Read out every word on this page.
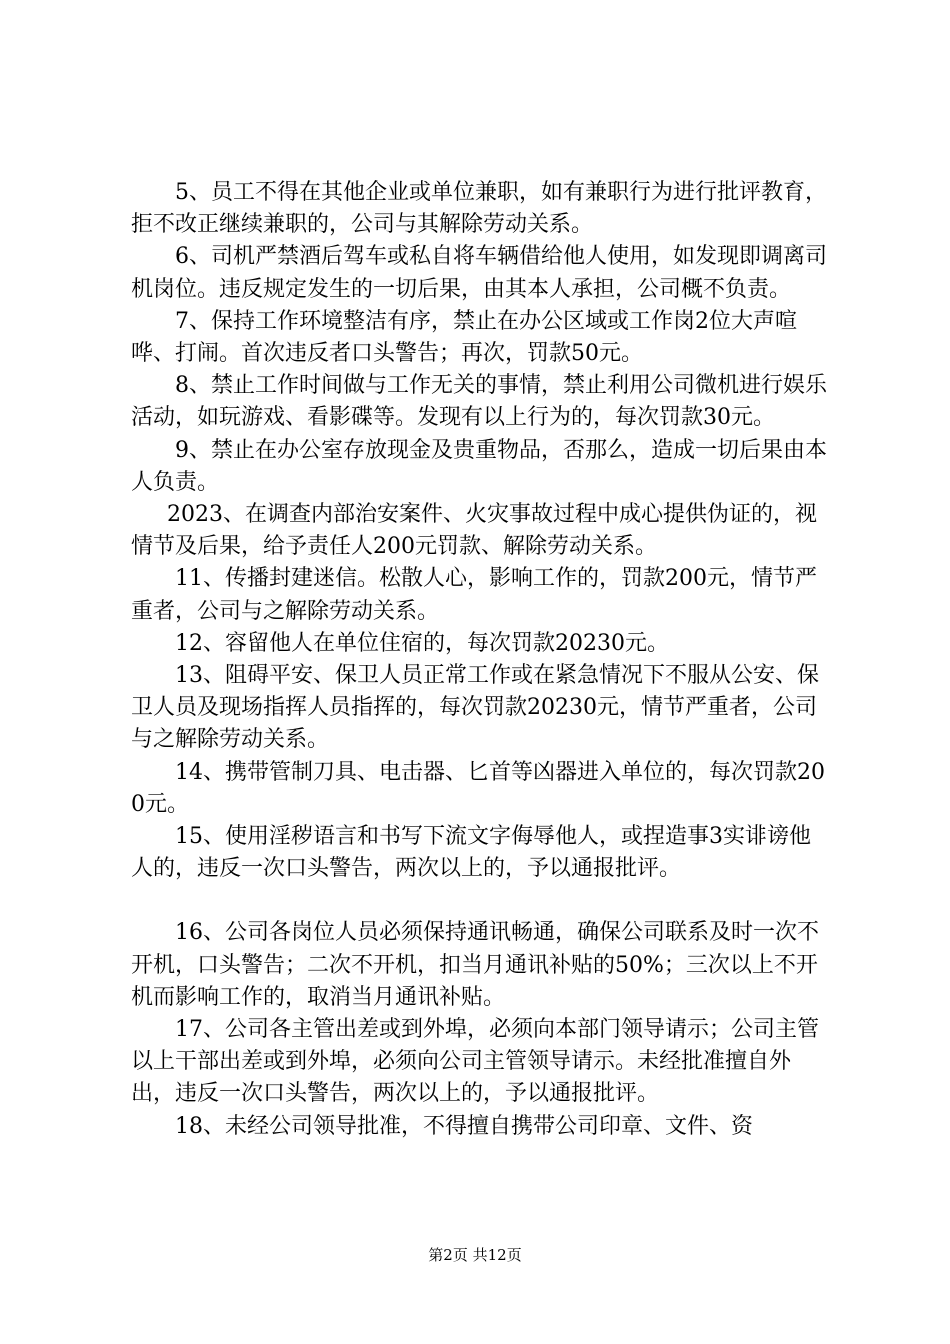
5、员工不得在其他企业或单位兼职，如有兼职行为进行批评教育，拒不改正继续兼职的，公司与其解除劳动关系。

6、司机严禁酒后驾车或私自将车辆借给他人使用，如发现即调离司机岗位。违反规定发生的一切后果，由其本人承担，公司概不负责。

7、保持工作环境整洁有序，禁止在办公区域或工作岗2位大声喧哗、打闹。首次违反者口头警告；再次，罚款50元。

8、禁止工作时间做与工作无关的事情，禁止利用公司微机进行娱乐活动，如玩游戏、看影碟等。发现有以上行为的，每次罚款30元。

9、禁止在办公室存放现金及贵重物品，否那么，造成一切后果由本人负责。

2023、在调查内部治安案件、火灾事故过程中成心提供伪证的，视情节及后果，给予责任人200元罚款、解除劳动关系。

11、传播封建迷信。松散人心，影响工作的，罚款200元，情节严重者，公司与之解除劳动关系。

12、容留他人在单位住宿的，每次罚款20230元。

13、阻碍平安、保卫人员正常工作或在紧急情况下不服从公安、保卫人员及现场指挥人员指挥的，每次罚款20230元，情节严重者，公司与之解除劳动关系。

14、携带管制刀具、电击器、匕首等凶器进入单位的，每次罚款200元。

15、使用淫秽语言和书写下流文字侮辱他人，或捏造事3实诽谤他人的，违反一次口头警告，两次以上的，予以通报批评。

16、公司各岗位人员必须保持通讯畅通，确保公司联系及时一次不开机，口头警告；二次不开机，扣当月通讯补贴的50%；三次以上不开机而影响工作的，取消当月通讯补贴。

17、公司各主管出差或到外埠，必须向本部门领导请示；公司主管以上干部出差或到外埠，必须向公司主管领导请示。未经批准擅自外出，违反一次口头警告，两次以上的，予以通报批评。

18、未经公司领导批准，不得擅自携带公司印章、文件、资

第2页 共12页
